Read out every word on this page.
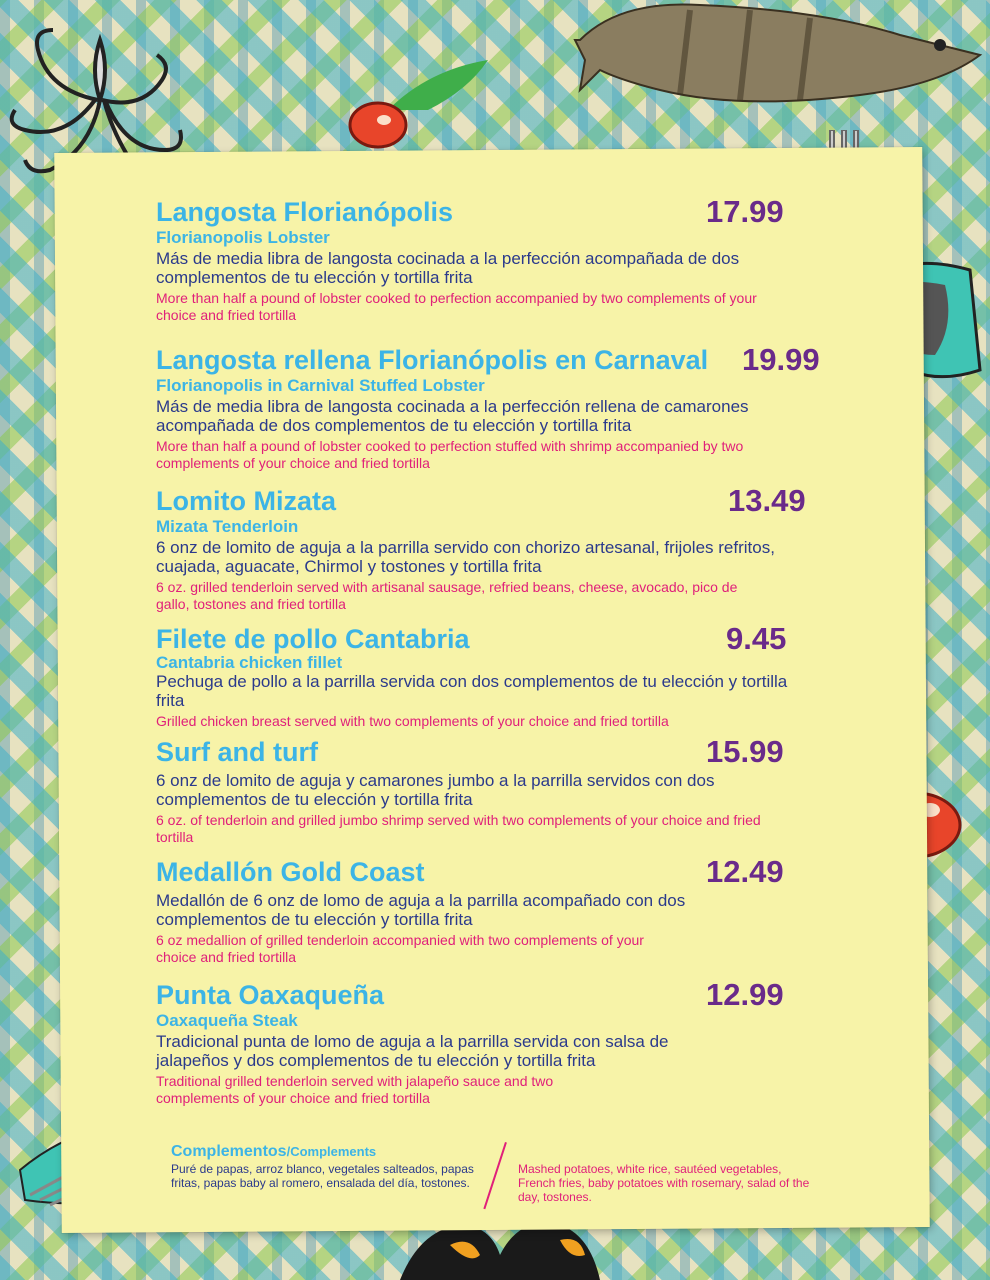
Langosta Florianópolis	17.99
Florianopolis Lobster
Más de media libra de langosta cocinada a la perfección acompañada de dos complementos de tu elección y tortilla frita
More than half a pound of lobster cooked to perfection accompanied by two complements of your choice and fried tortilla
Langosta rellena Florianópolis en Carnaval	19.99
Florianopolis in Carnival Stuffed Lobster
Más de media libra de langosta cocinada a la perfección rellena de camarones acompañada de dos complementos de tu elección y tortilla frita
More than half a pound of lobster cooked to perfection stuffed with shrimp accompanied by two complements of your choice and fried tortilla
Lomito Mizata	13.49
Mizata Tenderloin
6 onz de lomito de aguja a la parrilla servido con chorizo artesanal, frijoles refritos, cuajada, aguacate, Chirmol y tostones y tortilla frita
6 oz. grilled tenderloin served with artisanal sausage, refried beans, cheese, avocado, pico de gallo, tostones and fried tortilla
Filete de pollo Cantabria	9.45
Cantabria chicken fillet
Pechuga de pollo a la parrilla servida con dos complementos de tu elección y tortilla frita
Grilled chicken breast served with two complements of your choice and fried tortilla
Surf and turf	15.99
6 onz de lomito de aguja y camarones jumbo a la parrilla servidos con dos complementos de tu elección y tortilla frita
6 oz. of tenderloin and grilled jumbo shrimp served with two complements of your choice and fried tortilla
Medallón Gold Coast	12.49
Medallón de 6 onz de lomo de aguja a la parrilla acompañado con dos complementos de tu elección y tortilla frita
6 oz medallion of grilled tenderloin accompanied with two complements of your choice and fried tortilla
Punta Oaxaqueña	12.99
Oaxaqueña Steak
Tradicional punta de lomo de aguja a la parrilla servida con salsa de jalapeños y dos complementos de tu elección y tortilla frita
Traditional grilled tenderloin served with jalapeño sauce and two complements of your choice and fried tortilla
Complementos/Complements
Puré de papas, arroz blanco, vegetales salteados, papas fritas, papas baby al romero, ensalada del día, tostones.
Mashed potatoes, white rice, sautéed vegetables, French fries, baby potatoes with rosemary, salad of the day, tostones.
